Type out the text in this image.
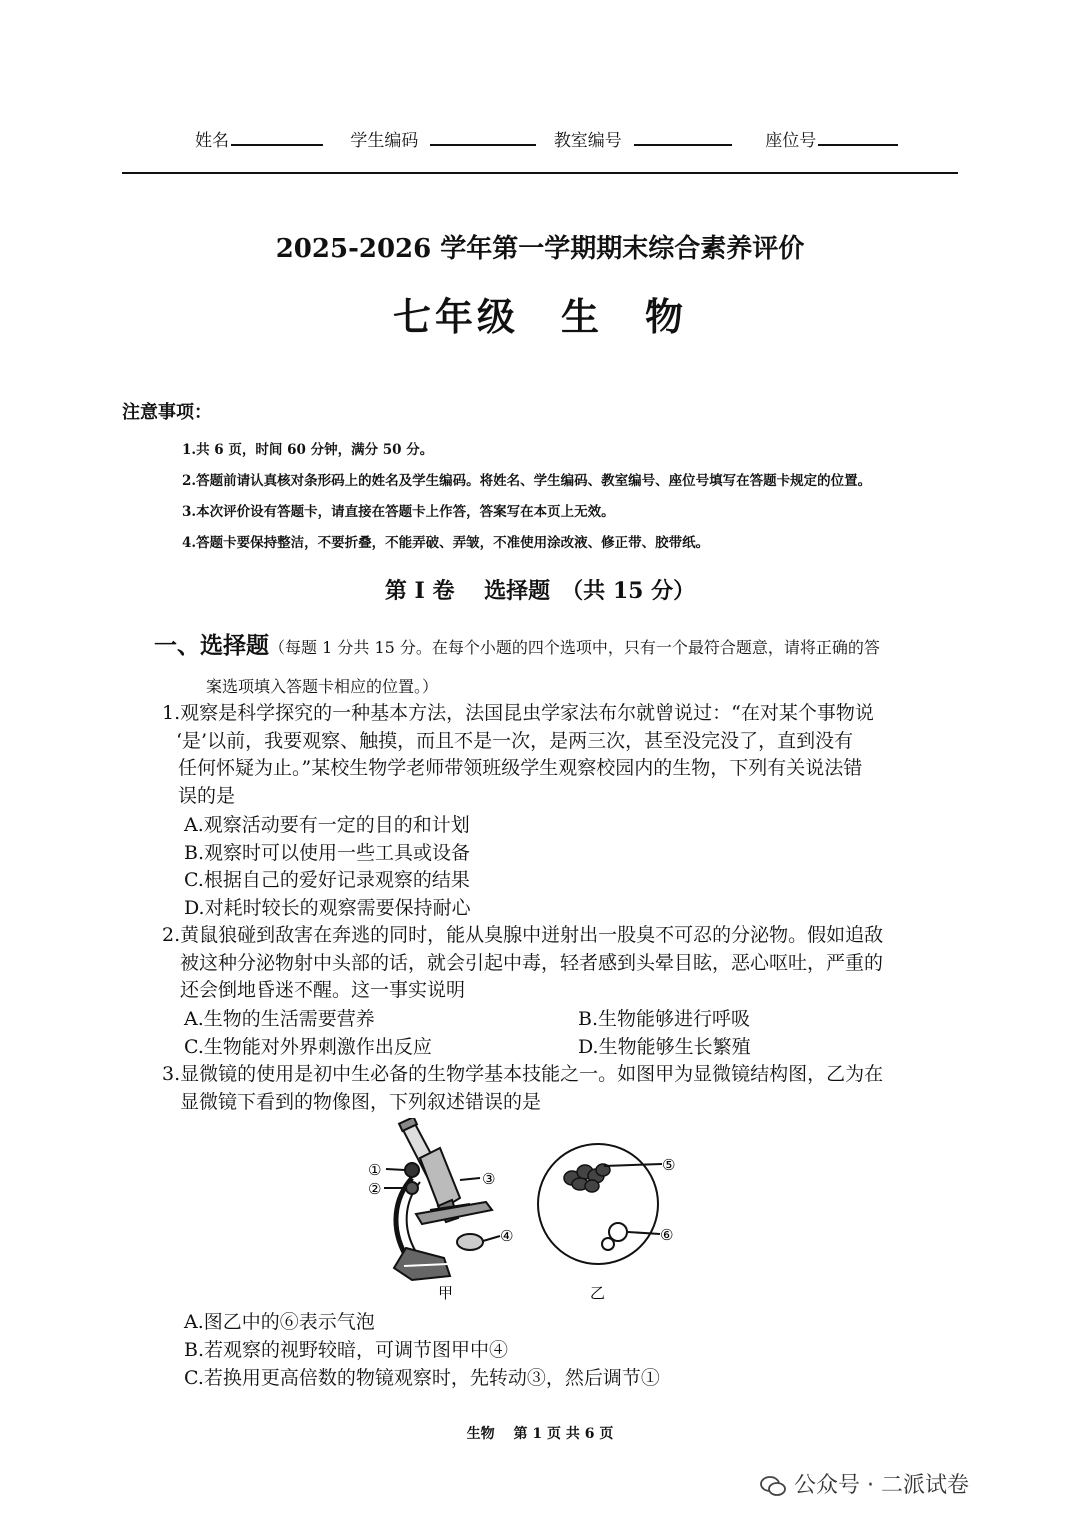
姓名	学生编码	教室编号	座位号
2025-2026 学年第一学期期末综合素养评价
七年级　生　物
注意事项：
1.共 6 页，时间 60 分钟，满分 50 分。
2.答题前请认真核对条形码上的姓名及学生编码。将姓名、学生编码、教室编号、座位号填写在答题卡规定的位置。
3.本次评价设有答题卡，请直接在答题卡上作答，答案写在本页上无效。
4.答题卡要保持整洁，不要折叠，不能弄破、弄皱，不准使用涂改液、修正带、胶带纸。
第 I 卷　 选择题　（共 15 分）
一、选择题（每题 1 分共 15 分。在每个小题的四个选项中，只有一个最符合题意，请将正确的答
案选项填入答题卡相应的位置。）
1.观察是科学探究的一种基本方法，法国昆虫学家法布尔就曾说过：“在对某个事物说
‘是’以前，我要观察、触摸，而且不是一次，是两三次，甚至没完没了，直到没有
任何怀疑为止。”某校生物学老师带领班级学生观察校园内的生物，下列有关说法错
误的是
A.观察活动要有一定的目的和计划
B.观察时可以使用一些工具或设备
C.根据自己的爱好记录观察的结果
D.对耗时较长的观察需要保持耐心
2.黄鼠狼碰到敌害在奔逃的同时，能从臭腺中迸射出一股臭不可忍的分泌物。假如追敌
被这种分泌物射中头部的话，就会引起中毒，轻者感到头晕目眩，恶心呕吐，严重的
还会倒地昏迷不醒。这一事实说明
A.生物的生活需要营养	B.生物能够进行呼吸
C.生物能对外界刺激作出反应	D.生物能够生长繁殖
3.显微镜的使用是初中生必备的生物学基本技能之一。如图甲为显微镜结构图，乙为在
显微镜下看到的物像图，下列叙述错误的是
①
②
③
④
甲
⑤
⑥
乙
A.图乙中的⑥表示气泡
B.若观察的视野较暗，可调节图甲中④
C.若换用更高倍数的物镜观察时，先转动③，然后调节①
生物　 第 1 页 共 6 页
公众号 · 二派试卷
